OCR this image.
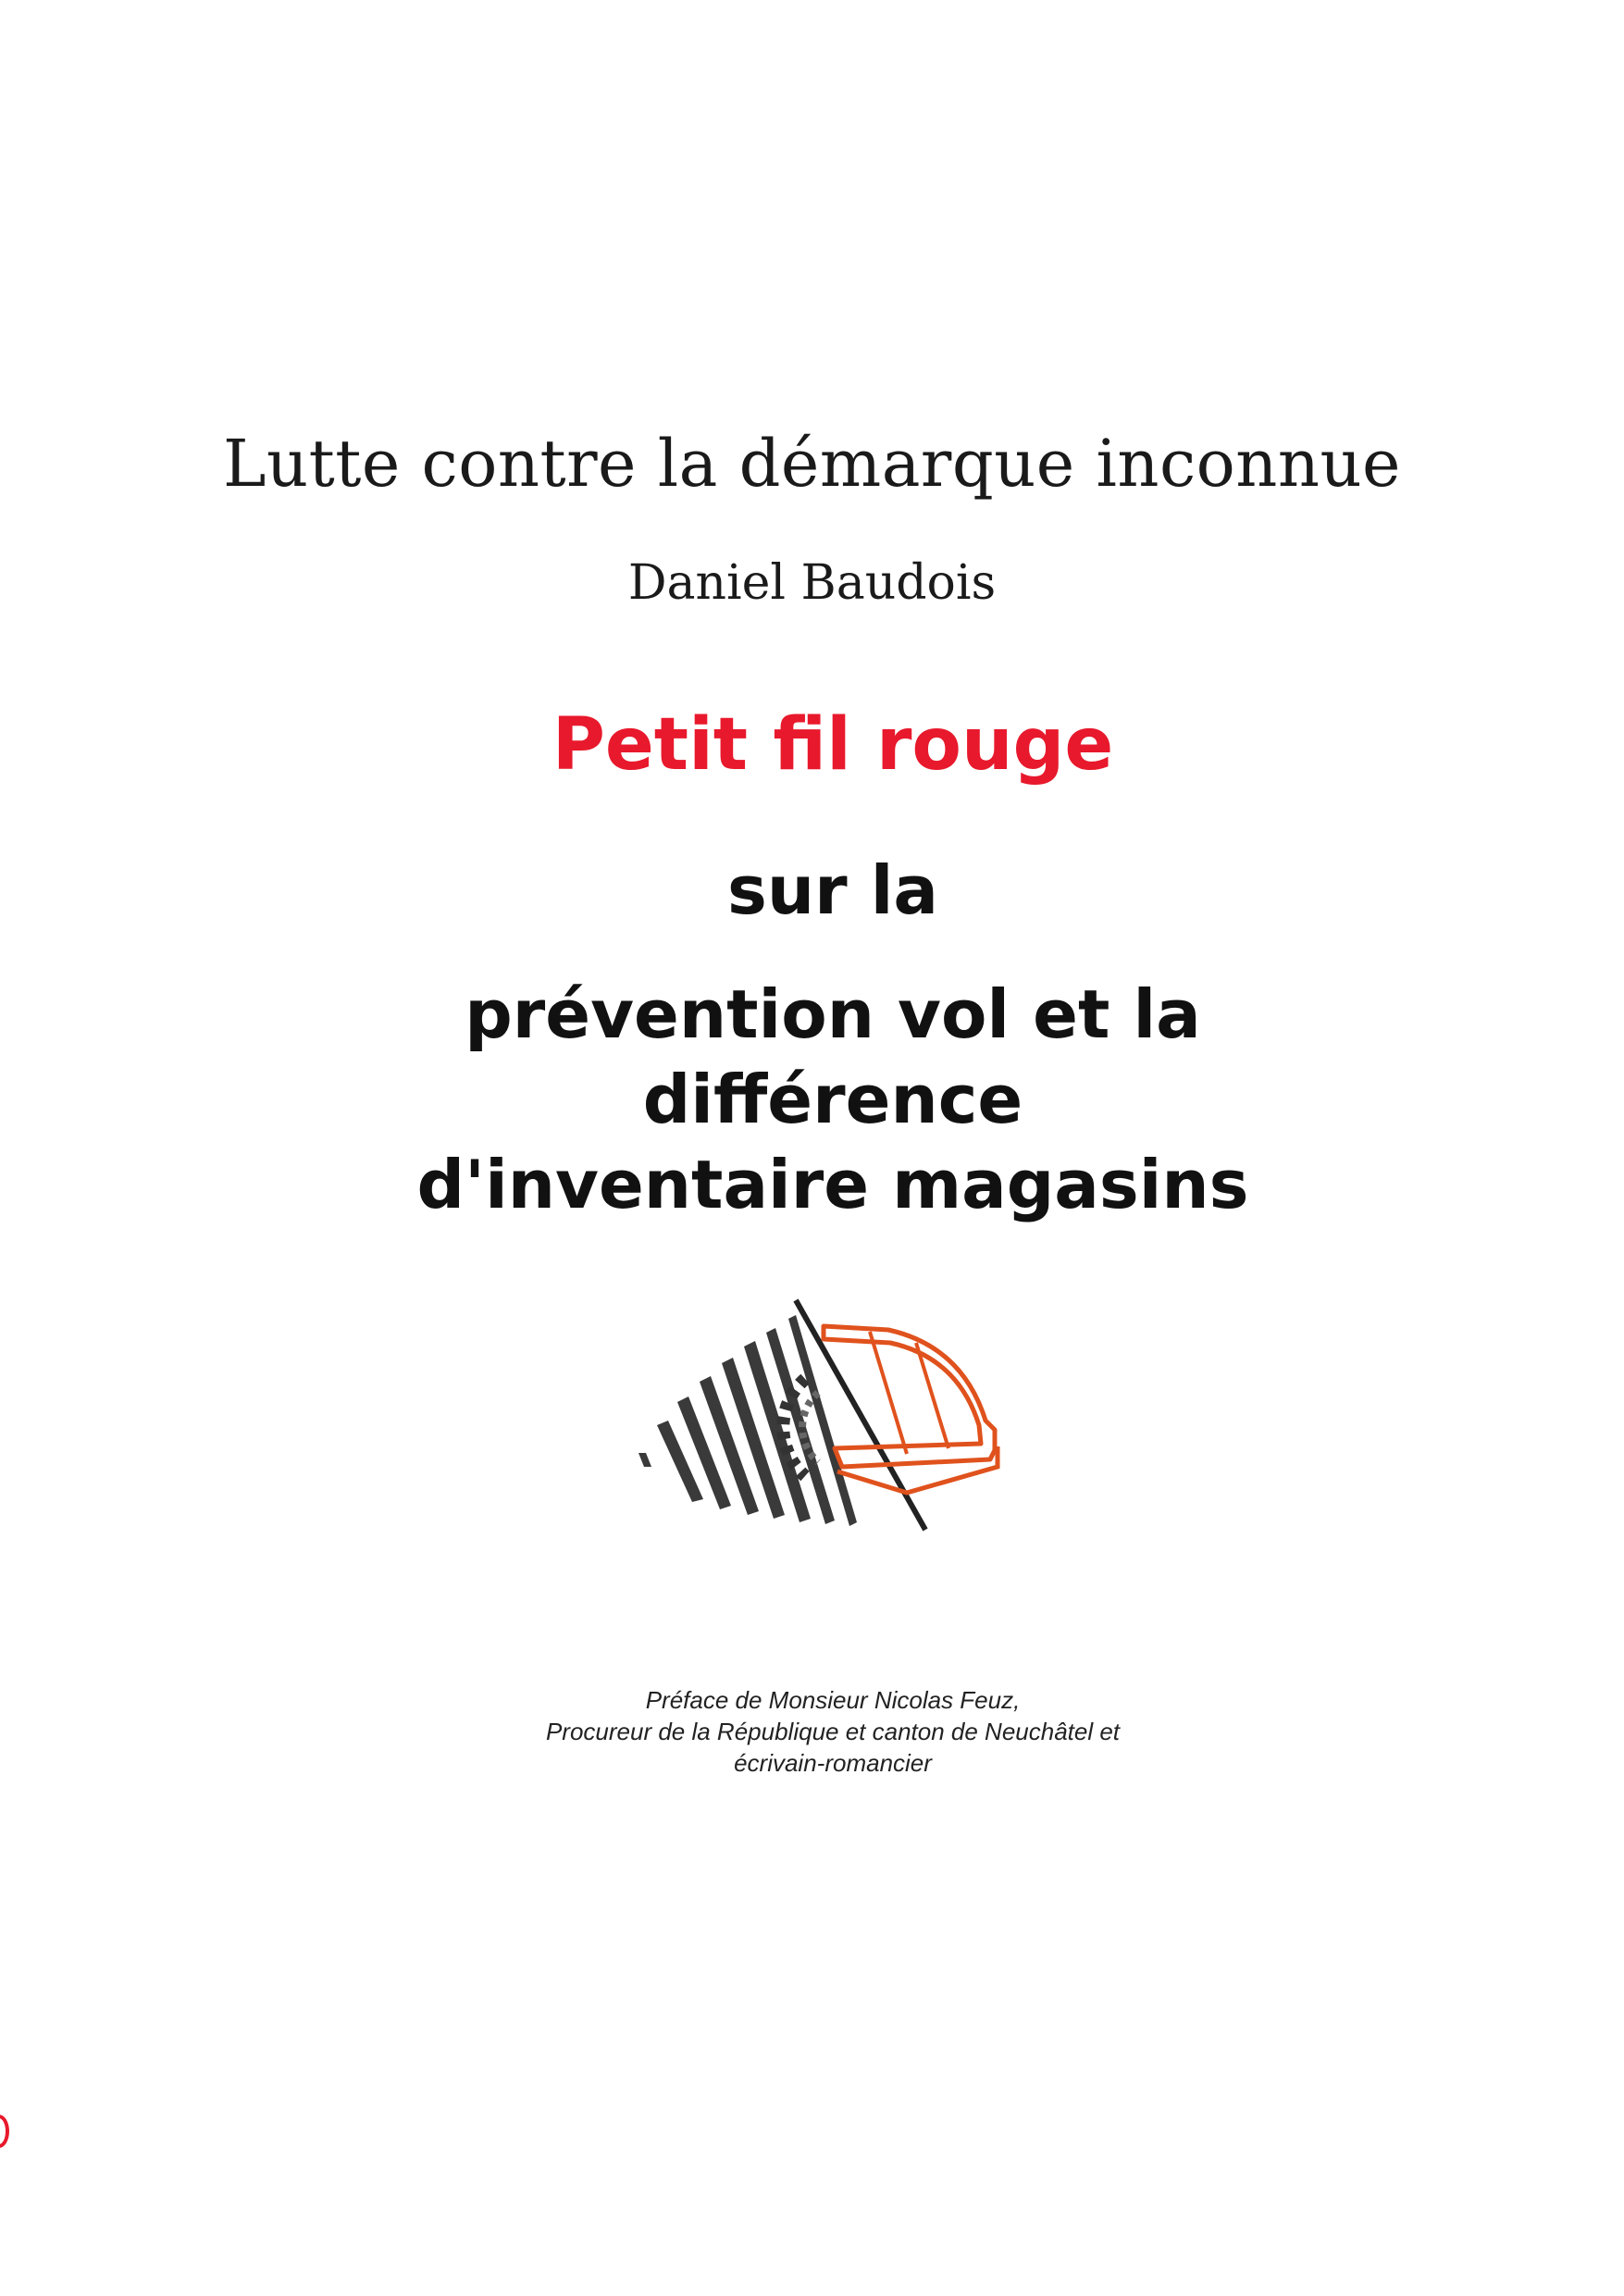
Lutte contre la démarque inconnue
Daniel Baudois
Petit fil rouge
sur la
prévention vol et la
différence
d'inventaire magasins
Préface de Monsieur Nicolas Feuz,
Procureur de la République et canton de Neuchâtel et
écrivain-romancier
